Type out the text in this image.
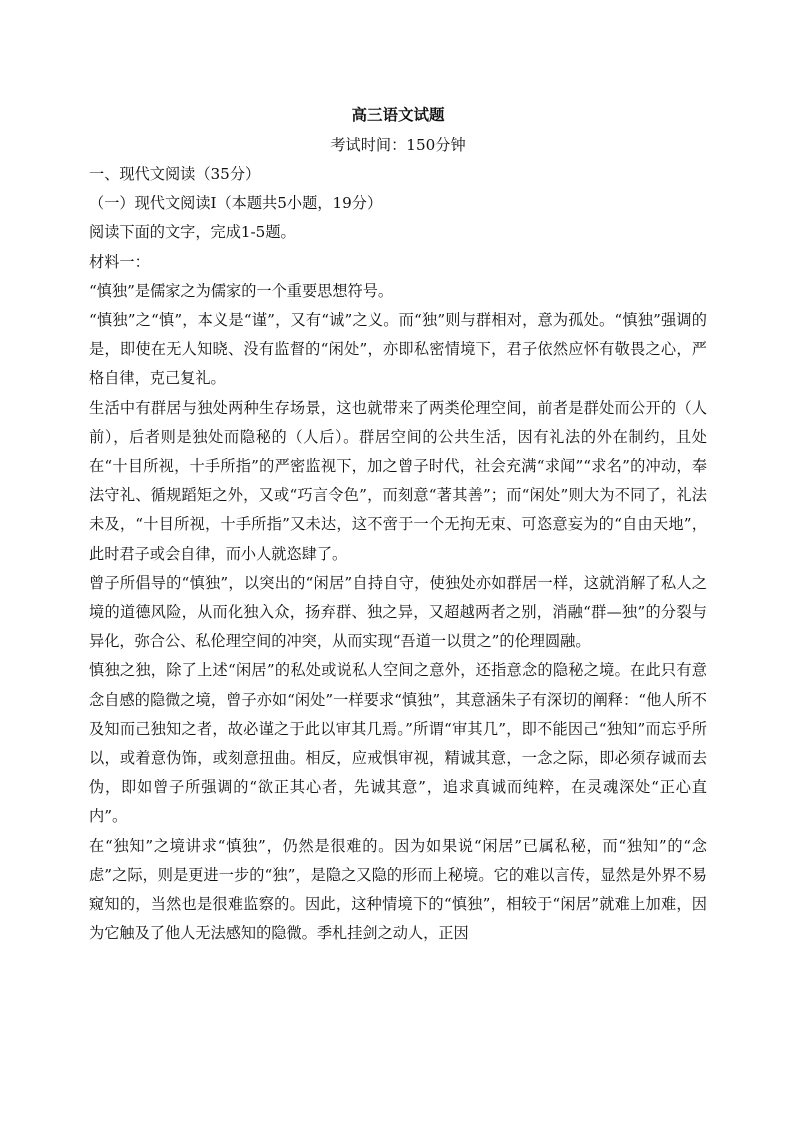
高三语文试题

考试时间：150分钟

一、现代文阅读（35分）

（一）现代文阅读Ⅰ（本题共5小题，19分）

阅读下面的文字，完成1-5题。

材料一：

“慎独”是儒家之为儒家的一个重要思想符号。

“慎独”之“慎”，本义是“谨”，又有“诚”之义。而“独”则与群相对，意为孤处。“慎独”强调的是，即使在无人知晓、没有监督的“闲处”，亦即私密情境下，君子依然应怀有敬畏之心，严格自律，克己复礼。

生活中有群居与独处两种生存场景，这也就带来了两类伦理空间，前者是群处而公开的（人前），后者则是独处而隐秘的（人后）。群居空间的公共生活，因有礼法的外在制约，且处在“十目所视，十手所指”的严密监视下，加之曾子时代，社会充满“求闻”“求名”的冲动，奉法守礼、循规蹈矩之外，又或“巧言令色”，而刻意“著其善”；而“闲处”则大为不同了，礼法未及，“十目所视，十手所指”又未达，这不啻于一个无拘无束、可恣意妄为的“自由天地”，此时君子或会自律，而小人就恣肆了。

曾子所倡导的“慎独”，以突出的“闲居”自持自守，使独处亦如群居一样，这就消解了私人之境的道德风险，从而化独入众，扬弃群、独之异，又超越两者之别，消融“群—独”的分裂与异化，弥合公、私伦理空间的冲突，从而实现“吾道一以贯之”的伦理圆融。

慎独之独，除了上述“闲居”的私处或说私人空间之意外，还指意念的隐秘之境。在此只有意念自感的隐微之境，曾子亦如“闲处”一样要求“慎独”，其意涵朱子有深切的阐释：“他人所不及知而己独知之者，故必谨之于此以审其几焉。”所谓“审其几”，即不能因己“独知”而忘乎所以，或着意伪饰，或刻意扭曲。相反，应戒惧审视，精诚其意，一念之际，即必须存诚而去伪，即如曾子所强调的“欲正其心者，先诚其意”，追求真诚而纯粹，在灵魂深处“正心直内”。

在“独知”之境讲求“慎独”，仍然是很难的。因为如果说“闲居”已属私秘，而“独知”的“念虑”之际，则是更进一步的“独”，是隐之又隐的形而上秘境。它的难以言传，显然是外界不易窥知的，当然也是很难监察的。因此，这种情境下的“慎独”，相较于“闲居”就难上加难，因为它触及了他人无法感知的隐微。季札挂剑之动人，正因
